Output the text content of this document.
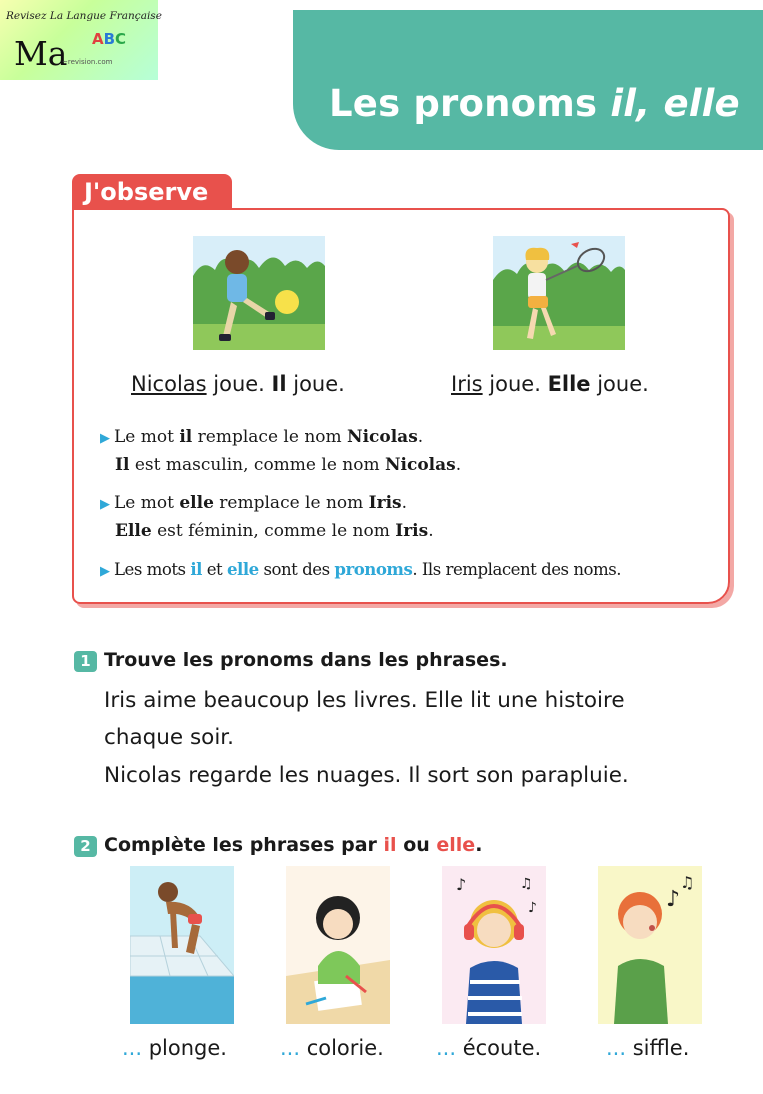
Revisez La Langue Française
Ma ABC
~revision.com
Les pronoms il, elle
J'observe
Nicolas joue. Il joue.	Iris joue. Elle joue.
▶ Le mot il remplace le nom Nicolas.
Il est masculin, comme le nom Nicolas.
▶ Le mot elle remplace le nom Iris.
Elle est féminin, comme le nom Iris.
▶ Les mots il et elle sont des pronoms. Ils remplacent des noms.
1 Trouve les pronoms dans les phrases.
Iris aime beaucoup les livres. Elle lit une histoire
chaque soir.
Nicolas regarde les nuages. Il sort son parapluie.
2 Complète les phrases par il ou elle.
♪	♫
♪	♪
♫
... plonge.	... colorie. ... écoute.	... siffle.
